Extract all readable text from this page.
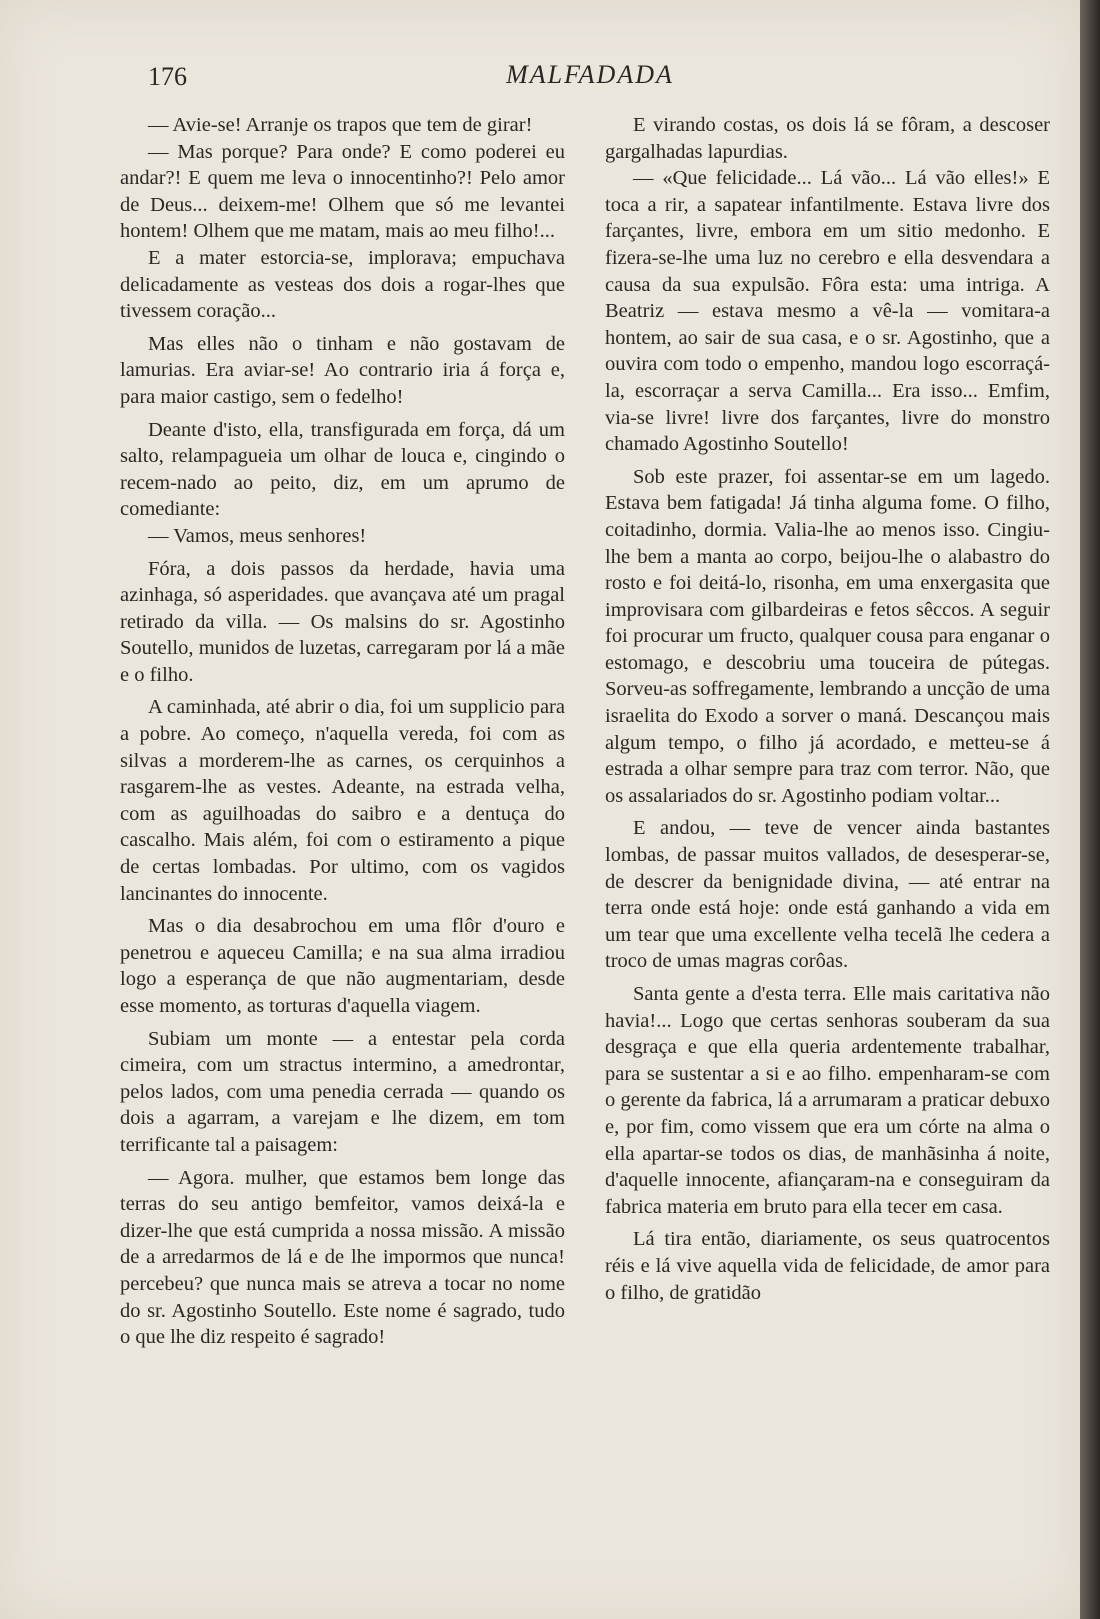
176	MALFADADA

— Avie-se! Arranje os trapos que tem de girar!

— Mas porque? Para onde? E como poderei eu andar?! E quem me leva o innocentinho?! Pelo amor de Deus... deixem-me! Olhem que só me levantei hontem! Olhem que me matam, mais ao meu filho!...

E a mater estorcia-se, implorava; empuchava delicadamente as vesteas dos dois a rogar-lhes que tivessem coração...

Mas elles não o tinham e não gostavam de lamurias. Era aviar-se! Ao contrario iria á força e, para maior castigo, sem o fedelho!

Deante d'isto, ella, transfigurada em força, dá um salto, relampagueia um olhar de louca e, cingindo o recem-nado ao peito, diz, em um aprumo de comediante:

— Vamos, meus senhores!

Fóra, a dois passos da herdade, havia uma azinhaga, só asperidades. que avançava até um pragal retirado da villa. — Os malsins do sr. Agostinho Soutello, munidos de luzetas, carregaram por lá a mãe e o filho.

A caminhada, até abrir o dia, foi um supplicio para a pobre. Ao começo, n'aquella vereda, foi com as silvas a morderem-lhe as carnes, os cerquinhos a rasgarem-lhe as vestes. Adeante, na estrada velha, com as aguilhoadas do saibro e a dentuça do cascalho. Mais além, foi com o estiramento a pique de certas lombadas. Por ultimo, com os vagidos lancinantes do innocente.

Mas o dia desabrochou em uma flôr d'ouro e penetrou e aqueceu Camilla; e na sua alma irradiou logo a esperança de que não augmentariam, desde esse momento, as torturas d'aquella viagem.

Subiam um monte — a entestar pela corda cimeira, com um stractus intermino, a amedrontar, pelos lados, com uma penedia cerrada — quando os dois a agarram, a varejam e lhe dizem, em tom terrificante tal a paisagem:

— Agora. mulher, que estamos bem longe das terras do seu antigo bemfeitor, vamos deixá-la e dizer-lhe que está cumprida a nossa missão. A missão de a arredarmos de lá e de lhe impormos que nunca! percebeu? que nunca mais se atreva a tocar no nome do sr. Agostinho Soutello. Este nome é sagrado, tudo o que lhe diz respeito é sagrado!

E virando costas, os dois lá se fôram, a descoser gargalhadas lapurdias.

— «Que felicidade... Lá vão... Lá vão elles!» E toca a rir, a sapatear infantilmente. Estava livre dos farçantes, livre, embora em um sitio medonho. E fizera-se-lhe uma luz no cerebro e ella desvendara a causa da sua expulsão. Fôra esta: uma intriga. A Beatriz — estava mesmo a vê-la — vomitara-a hontem, ao sair de sua casa, e o sr. Agostinho, que a ouvira com todo o empenho, mandou logo escorraçá-la, escorraçar a serva Camilla... Era isso... Emfim, via-se livre! livre dos farçantes, livre do monstro chamado Agostinho Soutello!

Sob este prazer, foi assentar-se em um lagedo. Estava bem fatigada! Já tinha alguma fome. O filho, coitadinho, dormia. Valia-lhe ao menos isso. Cingiu-lhe bem a manta ao corpo, beijou-lhe o alabastro do rosto e foi deitá-lo, risonha, em uma enxergasita que improvisara com gilbardeiras e fetos sêccos. A seguir foi procurar um fructo, qualquer cousa para enganar o estomago, e descobriu uma touceira de pútegas. Sorveu-as soffregamente, lembrando a uncção de uma israelita do Exodo a sorver o maná. Descançou mais algum tempo, o filho já acordado, e metteu-se á estrada a olhar sempre para traz com terror. Não, que os assalariados do sr. Agostinho podiam voltar...

E andou, — teve de vencer ainda bastantes lombas, de passar muitos vallados, de desesperar-se, de descrer da benignidade divina, — até entrar na terra onde está hoje: onde está ganhando a vida em um tear que uma excellente velha tecelã lhe cedera a troco de umas magras corôas.

Santa gente a d'esta terra. Elle mais caritativa não havia!... Logo que certas senhoras souberam da sua desgraça e que ella queria ardentemente trabalhar, para se sustentar a si e ao filho. empenharam-se com o gerente da fabrica, lá a arrumaram a praticar debuxo e, por fim, como vissem que era um córte na alma o ella apartar-se todos os dias, de manhãsinha á noite, d'aquelle innocente, afiançaram-na e conseguiram da fabrica materia em bruto para ella tecer em casa.

Lá tira então, diariamente, os seus quatrocentos réis e lá vive aquella vida de felicidade, de amor para o filho, de gratidão
